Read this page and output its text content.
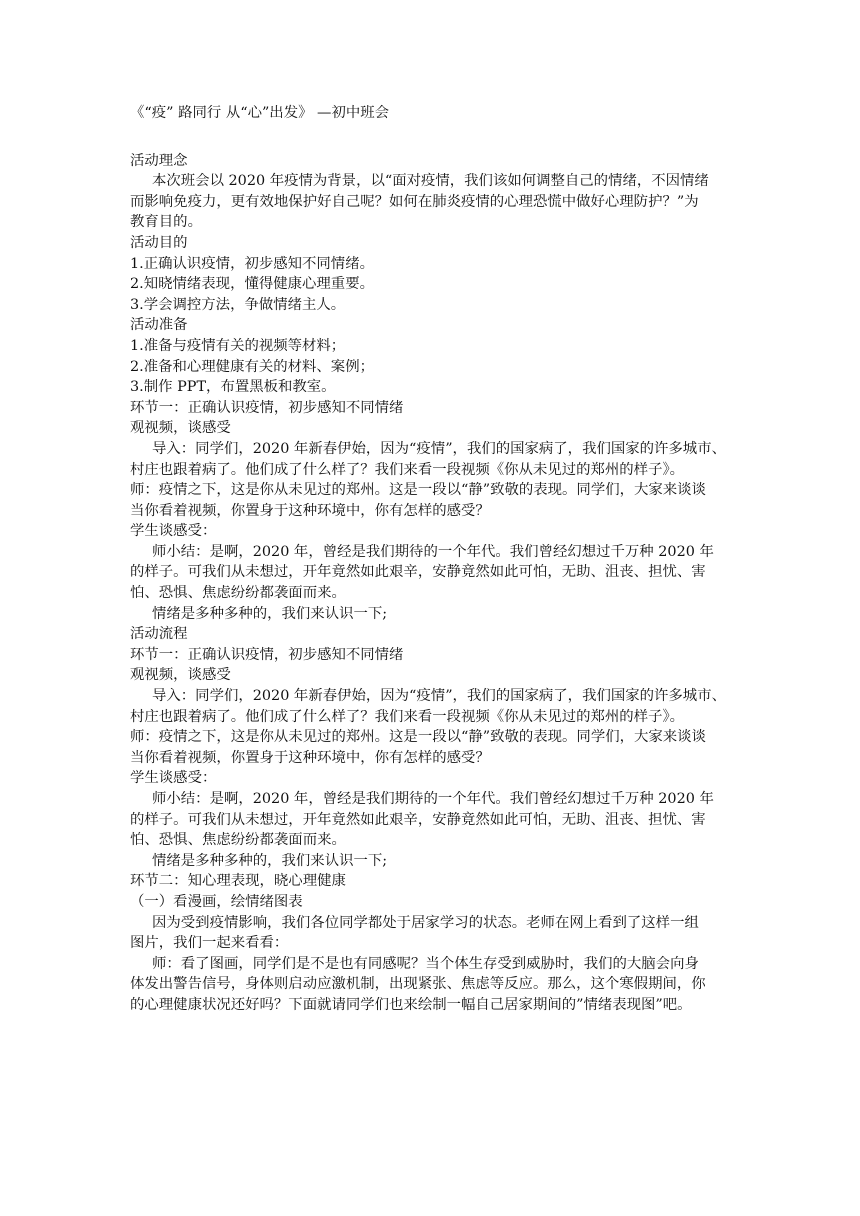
《“疫” 路同行 从“心”出发》 —初中班会
活动理念
本次班会以 2020 年疫情为背景，以“面对疫情，我们该如何调整自己的情绪，不因情绪
而影响免疫力，更有效地保护好自己呢？如何在肺炎疫情的心理恐慌中做好心理防护？”为
教育目的。
活动目的
1.正确认识疫情，初步感知不同情绪。
2.知晓情绪表现，懂得健康心理重要。
3.学会调控方法，争做情绪主人。
活动准备
1.准备与疫情有关的视频等材料；
2.准备和心理健康有关的材料、案例；
3.制作 PPT，布置黑板和教室。
环节一：正确认识疫情，初步感知不同情绪
观视频，谈感受
导入：同学们，2020 年新春伊始，因为“疫情”，我们的国家病了，我们国家的许多城市、
村庄也跟着病了。他们成了什么样了？我们来看一段视频《你从未见过的郑州的样子》。
师：疫情之下，这是你从未见过的郑州。这是一段以“静”致敬的表现。同学们，大家来谈谈
当你看着视频，你置身于这种环境中，你有怎样的感受？
学生谈感受：
师小结：是啊，2020 年，曾经是我们期待的一个年代。我们曾经幻想过千万种 2020 年
的样子。可我们从未想过，开年竟然如此艰辛，安静竟然如此可怕，无助、沮丧、担忧、害
怕、恐惧、焦虑纷纷都袭面而来。
情绪是多种多种的，我们来认识一下;
活动流程
环节一：正确认识疫情，初步感知不同情绪
观视频，谈感受
导入：同学们，2020 年新春伊始，因为“疫情”，我们的国家病了，我们国家的许多城市、
村庄也跟着病了。他们成了什么样了？我们来看一段视频《你从未见过的郑州的样子》。
师：疫情之下，这是你从未见过的郑州。这是一段以“静”致敬的表现。同学们，大家来谈谈
当你看着视频，你置身于这种环境中，你有怎样的感受？
学生谈感受：
师小结：是啊，2020 年，曾经是我们期待的一个年代。我们曾经幻想过千万种 2020 年
的样子。可我们从未想过，开年竟然如此艰辛，安静竟然如此可怕，无助、沮丧、担忧、害
怕、恐惧、焦虑纷纷都袭面而来。
情绪是多种多种的，我们来认识一下;
环节二：知心理表现，晓心理健康
（一）看漫画，绘情绪图表
因为受到疫情影响，我们各位同学都处于居家学习的状态。老师在网上看到了这样一组
图片，我们一起来看看：
师：看了图画，同学们是不是也有同感呢？当个体生存受到威胁时，我们的大脑会向身
体发出警告信号，身体则启动应激机制，出现紧张、焦虑等反应。那么，这个寒假期间，你
的心理健康状况还好吗？下面就请同学们也来绘制一幅自己居家期间的”情绪表现图”吧。
